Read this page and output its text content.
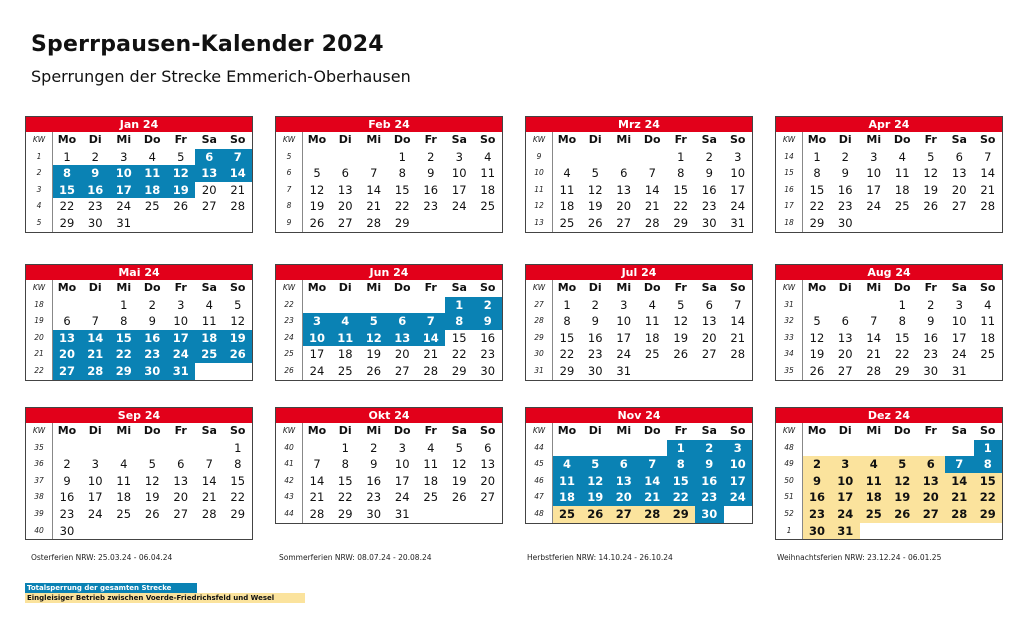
Sperrpausen-Kalender 2024
Sperrungen der Strecke Emmerich-Oberhausen
Jan 24
KW	Mo	Di	Mi	Do	Fr	Sa	So
1	1	2	3	4	5	6	7
2	8	9	10	11	12	13	14
3	15	16	17	18	19	20	21
4	22	23	24	25	26	27	28
5	29	30	31				
Feb 24
KW	Mo	Di	Mi	Do	Fr	Sa	So
5				1	2	3	4
6	5	6	7	8	9	10	11
7	12	13	14	15	16	17	18
8	19	20	21	22	23	24	25
9	26	27	28	29			
Mrz 24
KW	Mo	Di	Mi	Do	Fr	Sa	So
9					1	2	3
10	4	5	6	7	8	9	10
11	11	12	13	14	15	16	17
12	18	19	20	21	22	23	24
13	25	26	27	28	29	30	31
Apr 24
KW	Mo	Di	Mi	Do	Fr	Sa	So
14	1	2	3	4	5	6	7
15	8	9	10	11	12	13	14
16	15	16	17	18	19	20	21
17	22	23	24	25	26	27	28
18	29	30					
Mai 24
KW	Mo	Di	Mi	Do	Fr	Sa	So
18			1	2	3	4	5
19	6	7	8	9	10	11	12
20	13	14	15	16	17	18	19
21	20	21	22	23	24	25	26
22	27	28	29	30	31		
Jun 24
KW	Mo	Di	Mi	Do	Fr	Sa	So
22						1	2
23	3	4	5	6	7	8	9
24	10	11	12	13	14	15	16
25	17	18	19	20	21	22	23
26	24	25	26	27	28	29	30
Jul 24
KW	Mo	Di	Mi	Do	Fr	Sa	So
27	1	2	3	4	5	6	7
28	8	9	10	11	12	13	14
29	15	16	17	18	19	20	21
30	22	23	24	25	26	27	28
31	29	30	31				
Aug 24
KW	Mo	Di	Mi	Do	Fr	Sa	So
31				1	2	3	4
32	5	6	7	8	9	10	11
33	12	13	14	15	16	17	18
34	19	20	21	22	23	24	25
35	26	27	28	29	30	31	
Sep 24
KW	Mo	Di	Mi	Do	Fr	Sa	So
35							1
36	2	3	4	5	6	7	8
37	9	10	11	12	13	14	15
38	16	17	18	19	20	21	22
39	23	24	25	26	27	28	29
40	30						
Okt 24
KW	Mo	Di	Mi	Do	Fr	Sa	So
40		1	2	3	4	5	6
41	7	8	9	10	11	12	13
42	14	15	16	17	18	19	20
43	21	22	23	24	25	26	27
44	28	29	30	31			
Nov 24
KW	Mo	Di	Mi	Do	Fr	Sa	So
44					1	2	3
45	4	5	6	7	8	9	10
46	11	12	13	14	15	16	17
47	18	19	20	21	22	23	24
48	25	26	27	28	29	30	
Dez 24
KW	Mo	Di	Mi	Do	Fr	Sa	So
48							1
49	2	3	4	5	6	7	8
50	9	10	11	12	13	14	15
51	16	17	18	19	20	21	22
52	23	24	25	26	27	28	29
1	30	31					
Osterferien NRW: 25.03.24 - 06.04.24	Sommerferien NRW: 08.07.24 - 20.08.24	Herbstferien NRW: 14.10.24 - 26.10.24	Weihnachtsferien NRW: 23.12.24 - 06.01.25
Totalsperrung der gesamten Strecke
Eingleisiger Betrieb zwischen Voerde-Friedrichsfeld und Wesel
